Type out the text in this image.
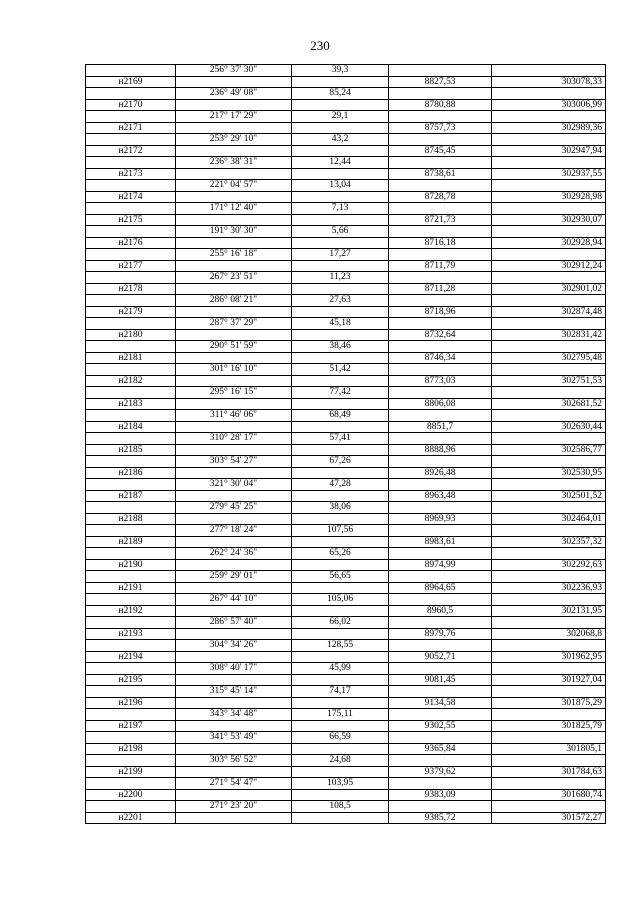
230
	256° 37' 30"	39,3		
н2169			8827,53	303078,33
	236° 49' 08"	85,24		
н2170			8780,88	303006,99
	217° 17' 29"	29,1		
н2171			8757,73	302989,36
	253° 29' 10"	43,2		
н2172			8745,45	302947,94
	236° 38' 31"	12,44		
н2173			8738,61	302937,55
	221° 04' 57"	13,04		
н2174			8728,78	302928,98
	171° 12' 40"	7,13		
н2175			8721,73	302930,07
	191° 30' 30"	5,66		
н2176			8716,18	302928,94
	255° 16' 18"	17,27		
н2177			8711,79	302912,24
	267° 23' 51"	11,23		
н2178			8711,28	302901,02
	286° 08' 21"	27,63		
н2179			8718,96	302874,48
	287° 37' 29"	45,18		
н2180			8732,64	302831,42
	290° 51' 59"	38,46		
н2181			8746,34	302795,48
	301° 16' 10"	51,42		
н2182			8773,03	302751,53
	295° 16' 15"	77,42		
н2183			8806,08	302681,52
	311° 46' 06"	68,49		
н2184			8851,7	302630,44
	310° 28' 17"	57,41		
н2185			8888,96	302586,77
	303° 54' 27"	67,26		
н2186			8926,48	302530,95
	321° 30' 04"	47,28		
н2187			8963,48	302501,52
	279° 45' 25"	38,06		
н2188			8969,93	302464,01
	277° 18' 24"	107,56		
н2189			8983,61	302357,32
	262° 24' 36"	65,26		
н2190			8974,99	302292,63
	259° 29' 01"	56,65		
н2191			8964,65	302236,93
	267° 44' 10"	105,06		
н2192			8960,5	302131,95
	286° 57' 40"	66,02		
н2193			8979,76	302068,8
	304° 34' 26"	128,55		
н2194			9052,71	301962,95
	308° 40' 17"	45,99		
н2195			9081,45	301927,04
	315° 45' 14"	74,17		
н2196			9134,58	301875,29
	343° 34' 48"	175,11		
н2197			9302,55	301825,79
	341° 53' 49"	66,59		
н2198			9365,84	301805,1
	303° 56' 52"	24,68		
н2199			9379,62	301784,63
	271° 54' 47"	103,95		
н2200			9383,09	301680,74
	271° 23' 20"	108,5		
н2201			9385,72	301572,27
